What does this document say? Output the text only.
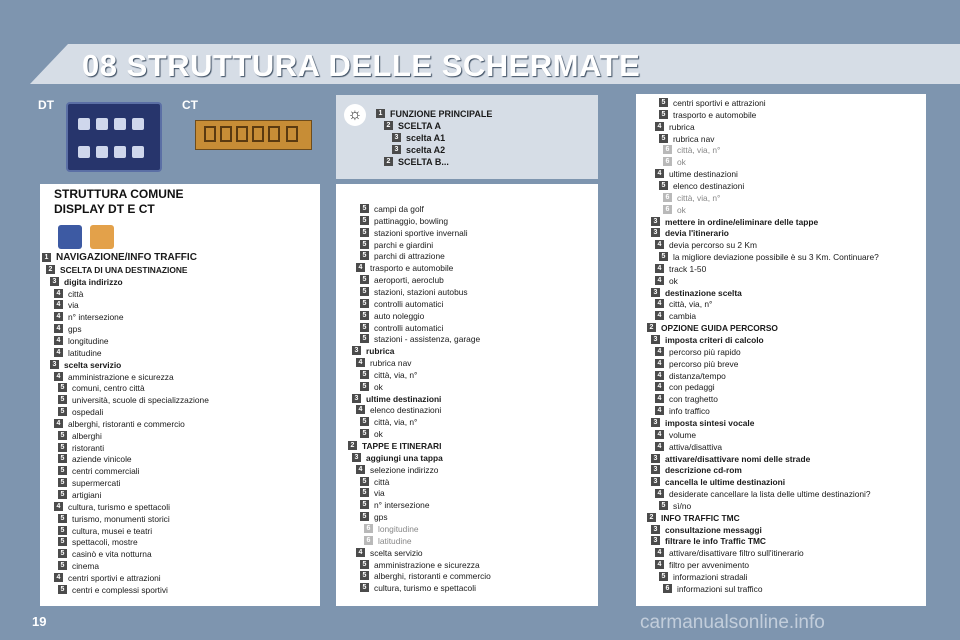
08 STRUTTURA DELLE SCHERMATE
DT	CT
☼	1 FUNZIONE PRINCIPALE
2 SCELTA A
3 scelta A1
3 scelta A2
2 SCELTA B...
STRUTTURA COMUNE
DISPLAY DT E CT
1 NAVIGAZIONE/INFO TRAFFIC
2 SCELTA DI UNA DESTINAZIONE
3 digita indirizzo
4 città
4 via
4 n° intersezione
4 gps
4 longitudine
4 latitudine
3 scelta servizio
4 amministrazione e sicurezza
5 comuni, centro città
5 università, scuole di specializzazione
5 ospedali
4 alberghi, ristoranti e commercio
5 alberghi
5 ristoranti
5 aziende vinicole
5 centri commerciali
5 supermercati
5 artigiani
4 cultura, turismo e spettacoli
5 turismo, monumenti storici
5 cultura, musei e teatri
5 spettacoli, mostre
5 casinò e vita notturna
5 cinema
4 centri sportivi e attrazioni
5 centri e complessi sportivi
5 campi da golf
5 pattinaggio, bowling
5 stazioni sportive invernali
5 parchi e giardini
5 parchi di attrazione
4 trasporto e automobile
5 aeroporti, aeroclub
5 stazioni, stazioni autobus
5 controlli automatici
5 auto noleggio
5 controlli automatici
5 stazioni - assistenza, garage
3 rubrica
4 rubrica nav
5 città, via, n°
5 ok
3 ultime destinazioni
4 elenco destinazioni
5 città, via, n°
5 ok
2 TAPPE E ITINERARI
3 aggiungi una tappa
4 selezione indirizzo
5 città
5 via
5 n° intersezione
5 gps
6 longitudine
6 latitudine
4 scelta servizio
5 amministrazione e sicurezza
5 alberghi, ristoranti e commercio
5 cultura, turismo e spettacoli
5 centri sportivi e attrazioni
5 trasporto e automobile
4 rubrica
5 rubrica nav
6 città, via, n°
6 ok
4 ultime destinazioni
5 elenco destinazioni
6 città, via, n°
6 ok
3 mettere in ordine/eliminare delle tappe
3 devia l'itinerario
4 devia percorso su 2 Km
5 la migliore deviazione possibile è su 3 Km. Continuare?
4 track 1-50
4 ok
3 destinazione scelta
4 città, via, n°
4 cambia
2 OPZIONE GUIDA PERCORSO
3 imposta criteri di calcolo
4 percorso più rapido
4 percorso più breve
4 distanza/tempo
4 con pedaggi
4 con traghetto
4 info traffico
3 imposta sintesi vocale
4 volume
4 attiva/disattiva
3 attivare/disattivare nomi delle strade
3 descrizione cd-rom
3 cancella le ultime destinazioni
4 desiderate cancellare la lista delle ultime destinazioni?
5 sì/no
2 INFO TRAFFIC TMC
3 consultazione messaggi
3 filtrare le info Traffic TMC
4 attivare/disattivare filtro sull'itinerario
4 filtro per avvenimento
5 informazioni stradali
6 informazioni sul traffico
19	carmanualsonline.info
